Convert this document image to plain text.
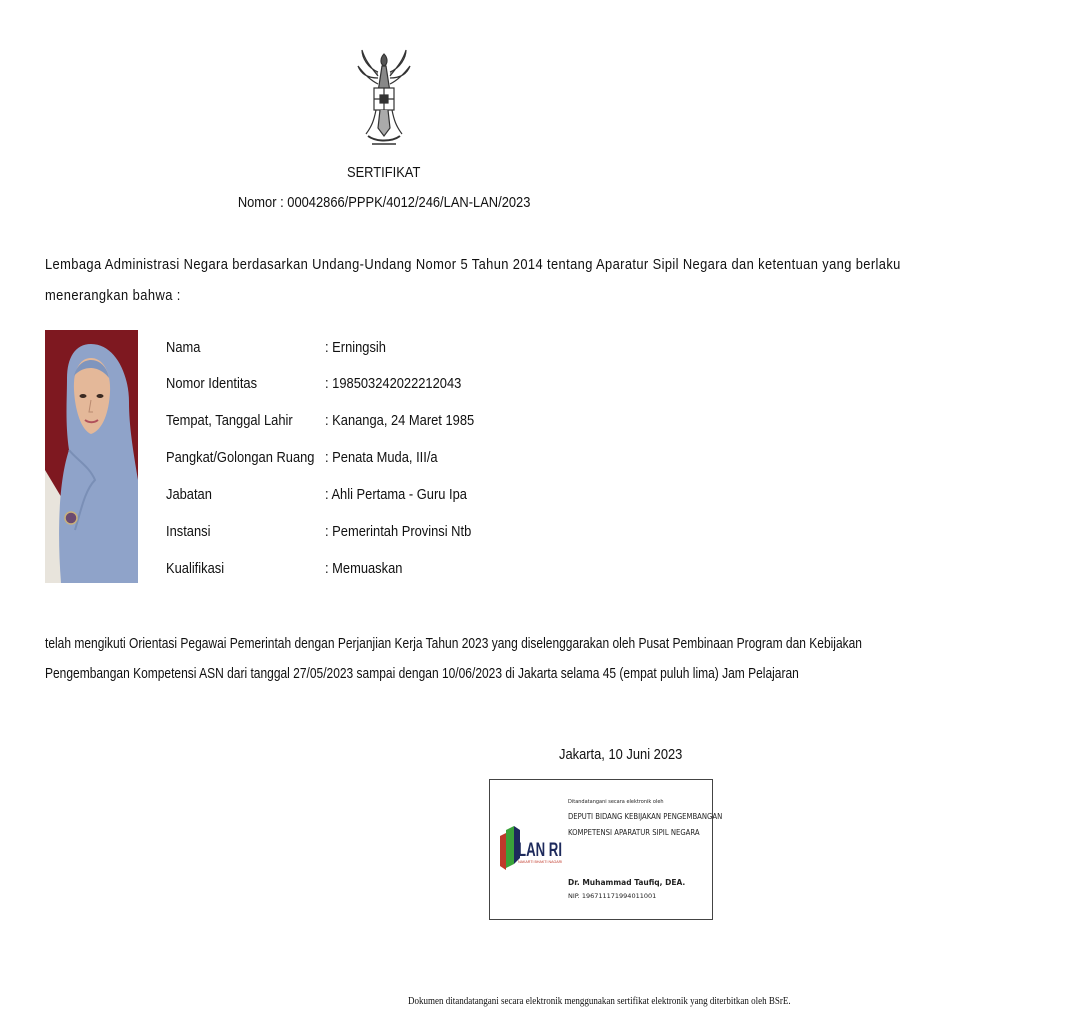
SERTIFIKAT
Nomor : 00042866/PPPK/4012/246/LAN-LAN/2023
Lembaga Administrasi Negara berdasarkan Undang-Undang Nomor 5 Tahun 2014 tentang Aparatur Sipil Negara dan ketentuan yang berlaku
menerangkan bahwa :
Nama	: Erningsih
Nomor Identitas	: 198503242022212043
Tempat, Tanggal Lahir	: Kananga, 24 Maret 1985
Pangkat/Golongan Ruang : Penata Muda, III/a
Jabatan	: Ahli Pertama - Guru Ipa
Instansi	: Pemerintah Provinsi Ntb
Kualifikasi	: Memuaskan
telah mengikuti Orientasi Pegawai Pemerintah dengan Perjanjian Kerja Tahun 2023 yang diselenggarakan oleh Pusat Pembinaan Program dan Kebijakan
Pengembangan Kompetensi ASN dari tanggal 27/05/2023 sampai dengan 10/06/2023 di Jakarta selama 45 (empat puluh lima) Jam Pelajaran
Jakarta, 10 Juni 2023
LAN RI
NAKARTI BHAKTI NAGARI
Ditandatangani secara elektronik oleh
DEPUTI BIDANG KEBIJAKAN PENGEMBANGAN
KOMPETENSI APARATUR SIPIL NEGARA
Dr. Muhammad Taufiq, DEA.
NIP. 196711171994011001
Dokumen ditandatangani secara elektronik menggunakan sertifikat elektronik yang diterbitkan oleh BSrE.
